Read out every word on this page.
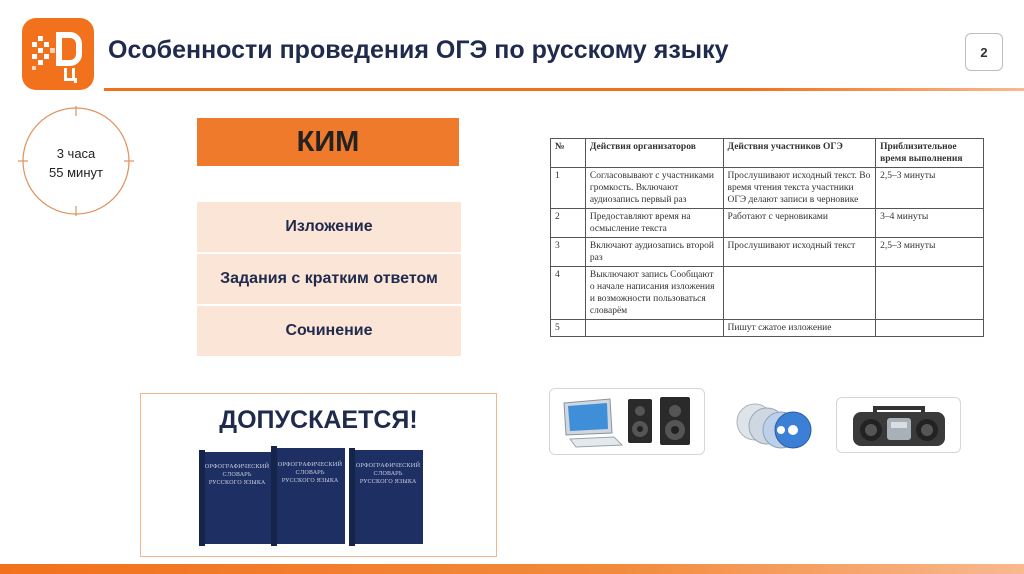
Особенности проведения ОГЭ по русскому языку	2
3 часа
55 минут
КИМ
Изложение
Задания с кратким ответом
Сочинение
ДОПУСКАЕТСЯ!
ОРФОГРАФИЧЕСКИЙ
СЛОВАРЬ
РУССКОГО ЯЗЫКА
ОРФОГРАФИЧЕСКИЙ
СЛОВАРЬ
РУССКОГО ЯЗЫКА
ОРФОГРАФИЧЕСКИЙ
СЛОВАРЬ
РУССКОГО ЯЗЫКА
№	Действия организаторов	Действия участников ОГЭ	Приблизительное время выполнения
1	Согласовывают с участниками громкость. Включают аудиозапись первый раз	Прослушивают исходный текст. Во время чтения текста участники ОГЭ делают записи в черновике	2,5–3 минуты
2	Предоставляют время на осмысление текста	Работают с черновиками	3–4 минуты
3	Включают аудиозапись второй раз	Прослушивают исходный текст	2,5–3 минуты
4	Выключают запись Сообщают о начале написания изложения и возможности пользоваться словарём		
5		Пишут сжатое изложение	
